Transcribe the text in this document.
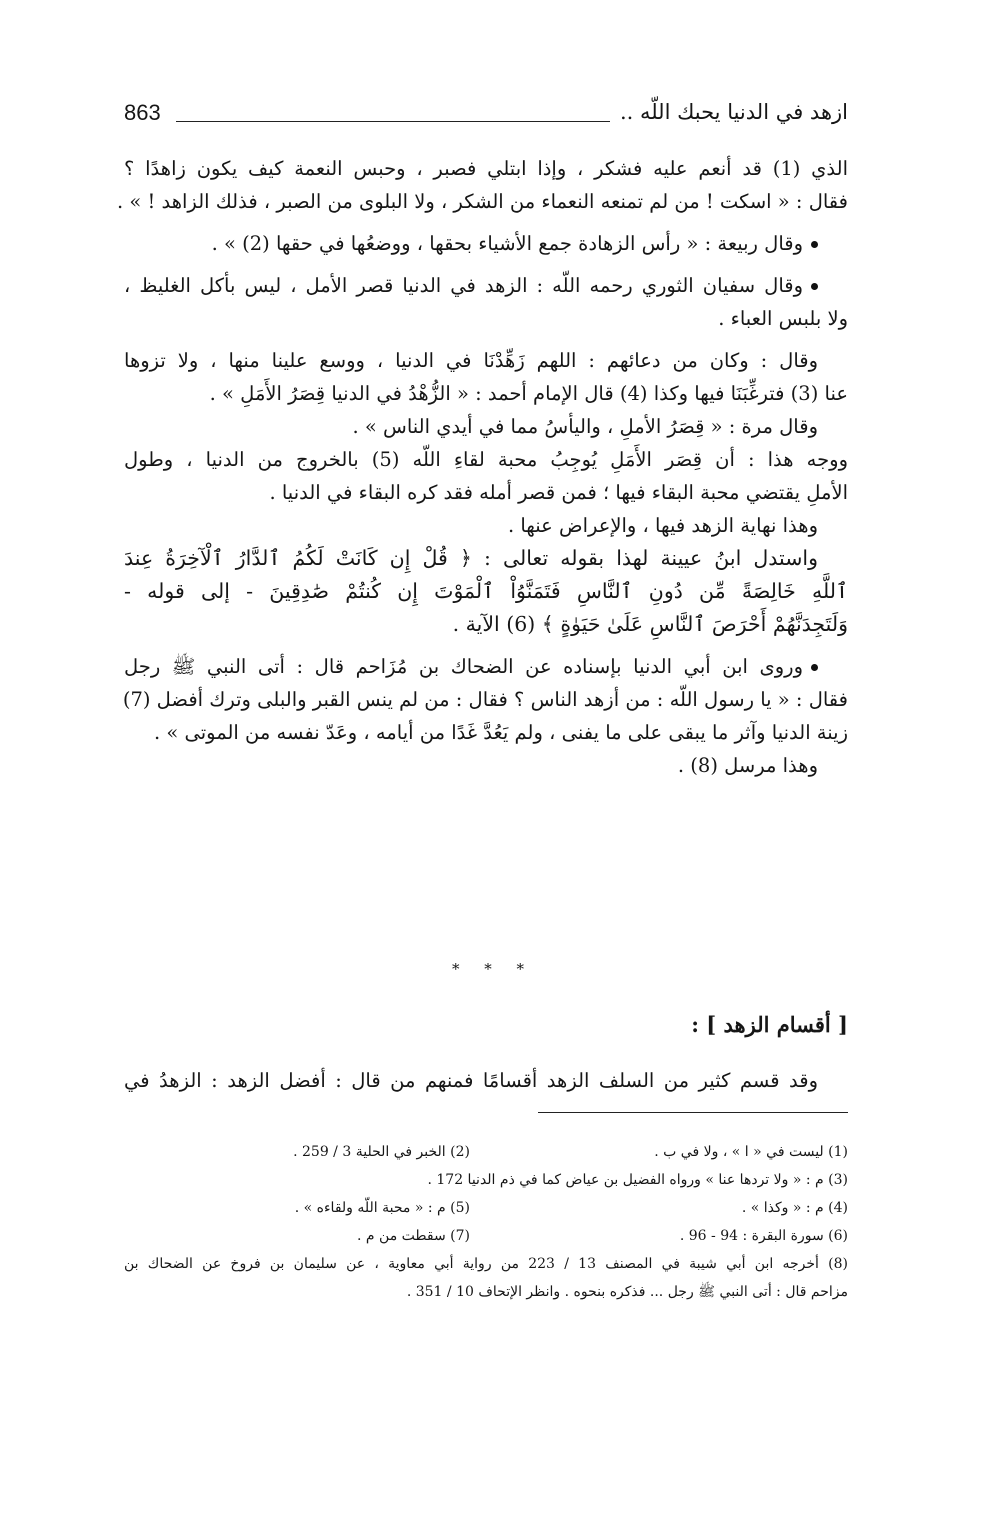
ازهد في الدنيا يحبك اللّه ..
863
الذي (1) قد أنعم عليه فشكر ، وإذا ابتلي فصبر ، وحبس النعمة كيف يكون زاهدًا ؟
فقال : « اسكت ! من لم تمنعه النعماء من الشكر ، ولا البلوى من الصبر ، فذلك الزاهد ! » .
وقال ربيعة : « رأس الزهادة جمع الأشياء بحقها ، ووضعُها في حقها (2) » .
وقال سفيان الثوري رحمه اللّه : الزهد في الدنيا قصر الأمل ، ليس بأكل الغليظ ،
ولا بلبس العباء .
وقال : وكان من دعائهم : اللهم زَهِّدْنَا في الدنيا ، ووسع علينا منها ، ولا تزوها
عنا (3) فترغِّبَنَا فيها وكذا (4) قال الإمام أحمد : « الزُّهْدُ في الدنيا قِصَرُ الأَمَلِ » .
وقال مرة : « قِصَرُ الأملِ ، واليأسُ مما في أيدي الناس » .
ووجه هذا : أن قِصَر الأَمَلِ يُوجِبُ محبة لقاءِ اللّه (5) بالخروج من الدنيا ، وطول
الأملِ يقتضي محبة البقاء فيها ؛ فمن قصر أمله فقد كره البقاء في الدنيا .
وهذا نهاية الزهد فيها ، والإعراض عنها .
واستدل ابنُ عيينة لهذا بقوله تعالى : ﴿ قُلْ إِن كَانَتْ لَكُمُ ٱلدَّارُ ٱلْآخِرَةُ عِندَ
ٱللَّهِ خَالِصَةً مِّن دُونِ ٱلنَّاسِ فَتَمَنَّوُاْ ٱلْمَوْتَ إِن كُنتُمْ صَٰدِقِينَ - إلى قوله -
وَلَتَجِدَنَّهُمْ أَحْرَصَ ٱلنَّاسِ عَلَىٰ حَيَوٰةٍ ﴾ (6) الآية .
وروى ابن أبي الدنيا بإسناده عن الضحاك بن مُزَاحم قال : أتى النبي ﷺ رجل
فقال : « يا رسول اللّه : من أزهد الناس ؟ فقال : من لم ينس القبر والبلى وترك أفضل (7)
زينة الدنيا وآثر ما يبقى على ما يفنى ، ولم يَعُدَّ غَدًا من أيامه ، وعَدّ نفسه من الموتى » .
وهذا مرسل (8) .
* * *
[ أقسام الزهد ] :
وقد قسم كثير من السلف الزهد أقسامًا فمنهم من قال : أفضل الزهد : الزهدُ في
(1) ليست في « ا » ، ولا في ب .
(2) الخبر في الحلية 3 / 259 .
(3) م : « ولا تردها عنا » ورواه الفضيل بن عياض كما في ذم الدنيا 172 .
(4) م : « وكذا » .
(5) م : « محبة اللّه ولقاءه » .
(6) سورة البقرة : 94 - 96 .
(7) سقطت من م .
(8) أخرجه ابن أبي شيبة في المصنف 13 / 223 من رواية أبي معاوية ، عن سليمان بن فروخ عن الضحاك بن
مزاحم قال : أتى النبي ﷺ رجل ... فذكره بنحوه . وانظر الإتحاف 10 / 351 .
